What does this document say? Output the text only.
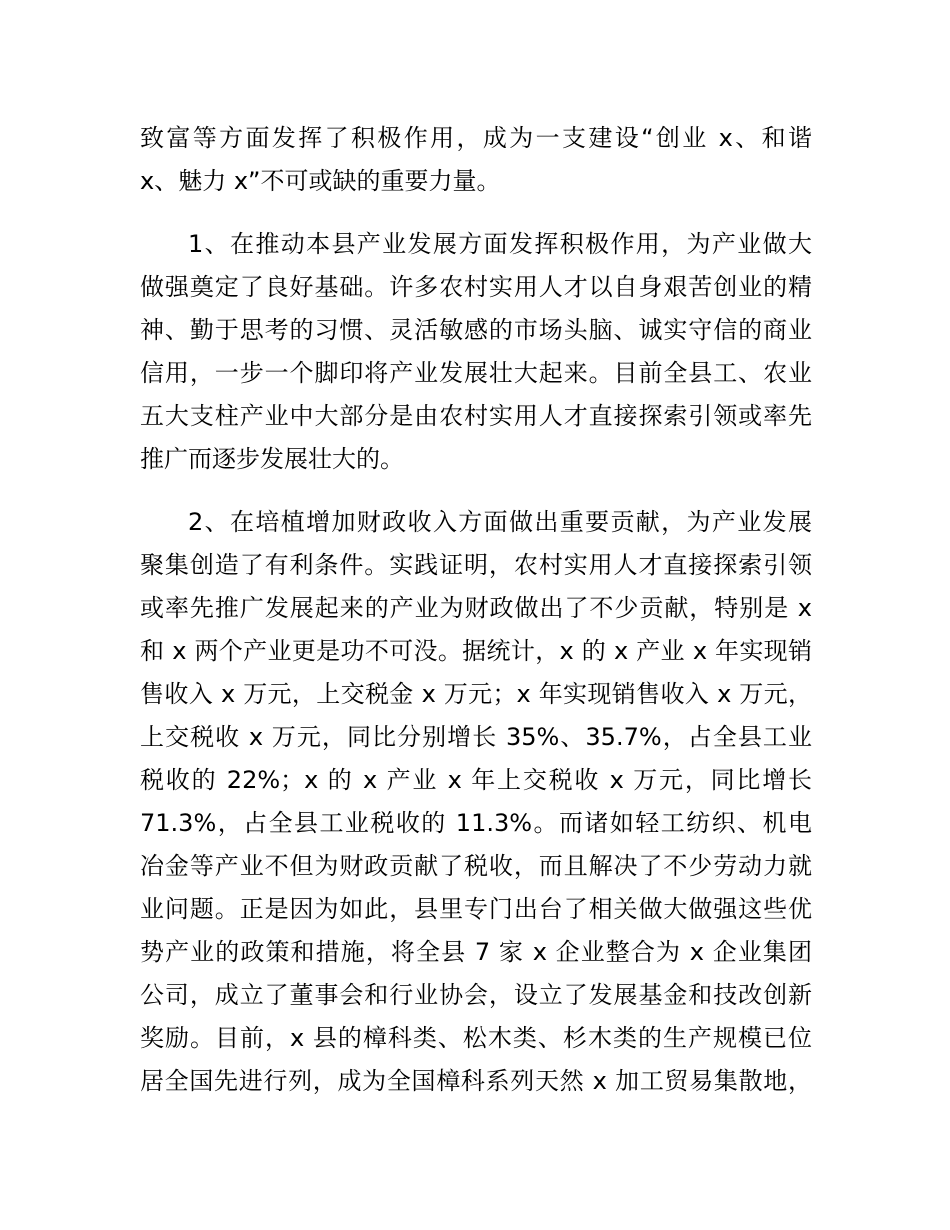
致富等方面发挥了积极作用，成为一支建设“创业 x、和谐
x、魅力 x”不可或缺的重要力量。
1、在推动本县产业发展方面发挥积极作用，为产业做大
做强奠定了良好基础。许多农村实用人才以自身艰苦创业的精
神、勤于思考的习惯、灵活敏感的市场头脑、诚实守信的商业
信用，一步一个脚印将产业发展壮大起来。目前全县工、农业
五大支柱产业中大部分是由农村实用人才直接探索引领或率先
推广而逐步发展壮大的。
2、在培植增加财政收入方面做出重要贡献，为产业发展
聚集创造了有利条件。实践证明，农村实用人才直接探索引领
或率先推广发展起来的产业为财政做出了不少贡献，特别是 x
和 x 两个产业更是功不可没。据统计，x 的 x 产业 x 年实现销
售收入 x 万元，上交税金 x 万元；x 年实现销售收入 x 万元，
上交税收 x 万元，同比分别增长 35%、35.7%，占全县工业
税收的 22%；x 的 x 产业 x 年上交税收 x 万元，同比增长
71.3%，占全县工业税收的 11.3%。而诸如轻工纺织、机电
冶金等产业不但为财政贡献了税收，而且解决了不少劳动力就
业问题。正是因为如此，县里专门出台了相关做大做强这些优
势产业的政策和措施，将全县 7 家 x 企业整合为 x 企业集团
公司，成立了董事会和行业协会，设立了发展基金和技改创新
奖励。目前，x 县的樟科类、松木类、杉木类的生产规模已位
居全国先进行列，成为全国樟科系列天然 x 加工贸易集散地，
